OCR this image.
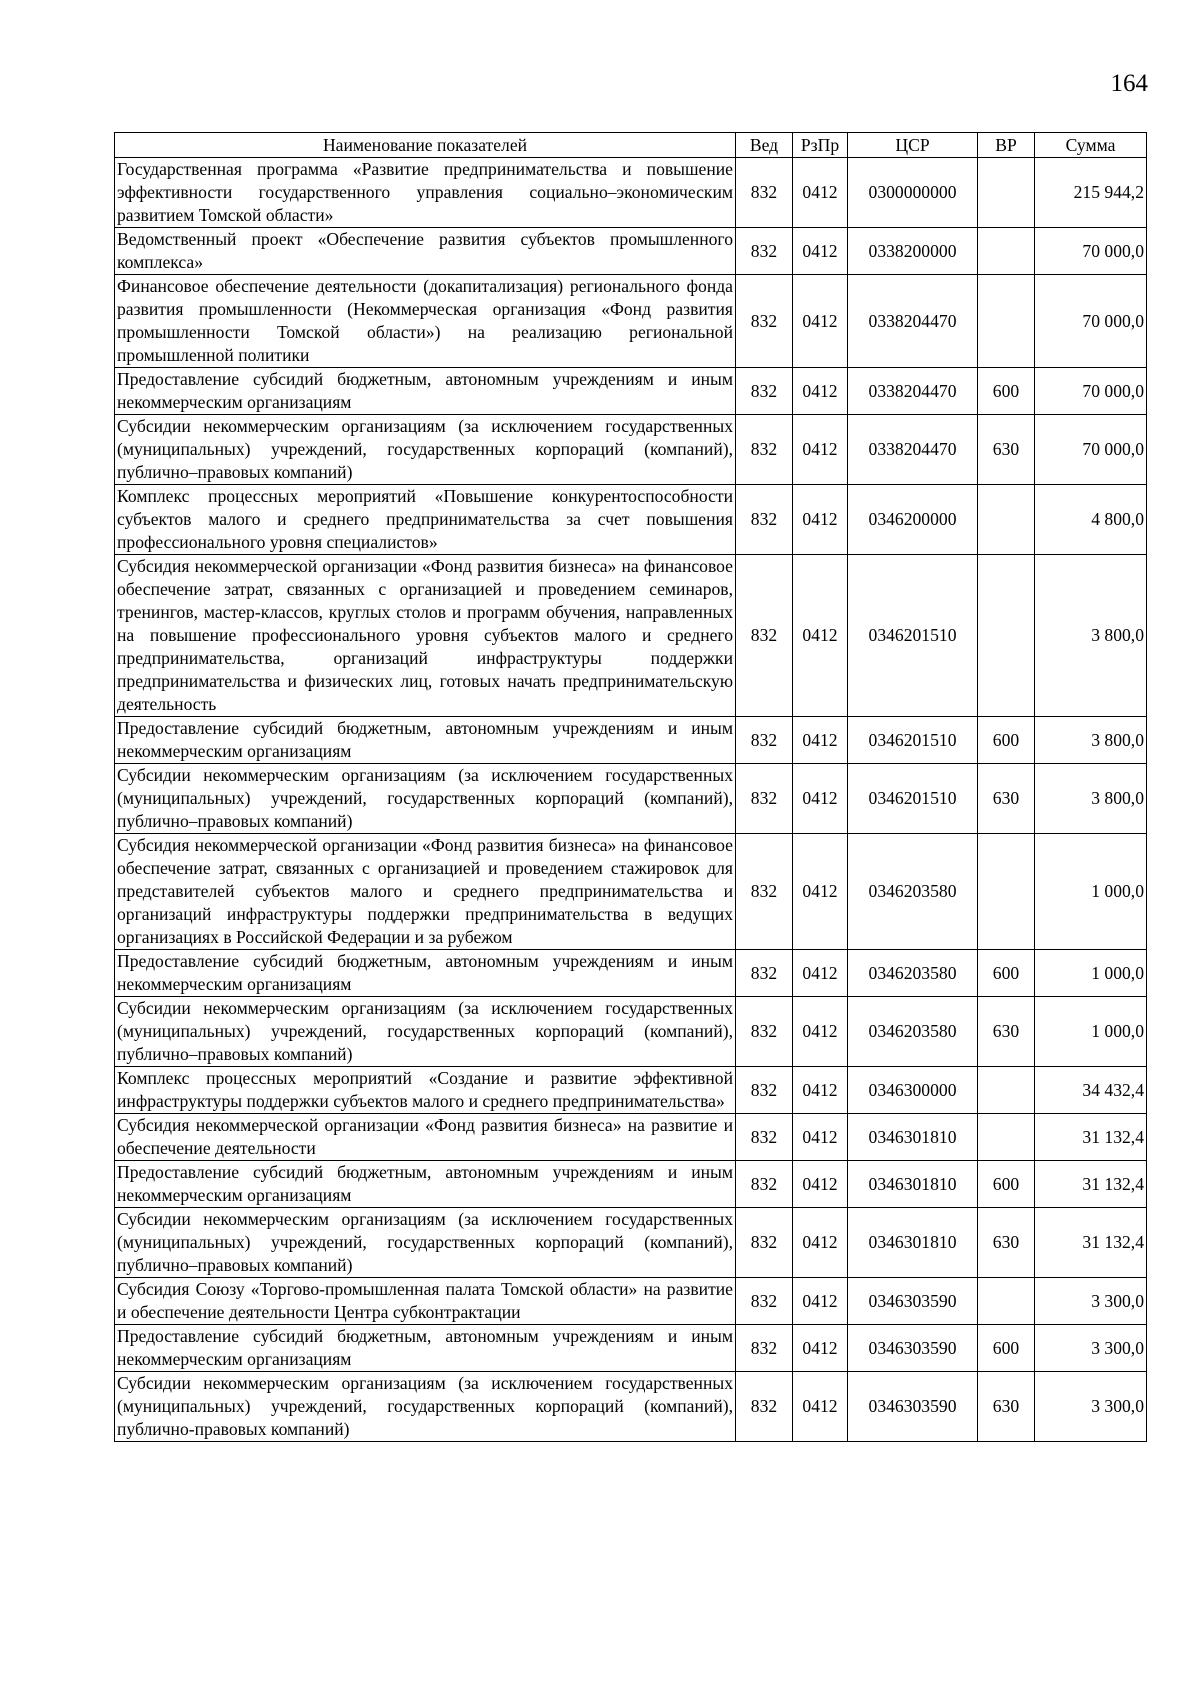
164
Наименование показателей	Вед	РзПр	ЦСР	ВР	Сумма
Государственная программа «Развитие предпринимательства и повышение эффективности государственного управления социально–экономическим развитием Томской области»	832	0412	0300000000		215 944,2
Ведомственный проект «Обеспечение развития субъектов промышленного комплекса»	832	0412	0338200000		70 000,0
Финансовое обеспечение деятельности (докапитализация) регионального фонда развития промышленности (Некоммерческая организация «Фонд развития промышленности Томской области») на реализацию региональной промышленной политики	832	0412	0338204470		70 000,0
Предоставление субсидий бюджетным, автономным учреждениям и иным некоммерческим организациям	832	0412	0338204470	600	70 000,0
Субсидии некоммерческим организациям (за исключением государственных (муниципальных) учреждений, государственных корпораций (компаний), публично–правовых компаний)	832	0412	0338204470	630	70 000,0
Комплекс процессных мероприятий «Повышение конкурентоспособности субъектов малого и среднего предпринимательства за счет повышения профессионального уровня специалистов»	832	0412	0346200000		4 800,0
Субсидия некоммерческой организации «Фонд развития бизнеса» на финансовое обеспечение затрат, связанных с организацией и проведением семинаров, тренингов, мастер-классов, круглых столов и программ обучения, направленных на повышение профессионального уровня субъектов малого и среднего предпринимательства, организаций инфраструктуры поддержки предпринимательства и физических лиц, готовых начать предпринимательскую деятельность	832	0412	0346201510		3 800,0
Предоставление субсидий бюджетным, автономным учреждениям и иным некоммерческим организациям	832	0412	0346201510	600	3 800,0
Субсидии некоммерческим организациям (за исключением государственных (муниципальных) учреждений, государственных корпораций (компаний), публично–правовых компаний)	832	0412	0346201510	630	3 800,0
Субсидия некоммерческой организации «Фонд развития бизнеса» на финансовое обеспечение затрат, связанных с организацией и проведением стажировок для представителей субъектов малого и среднего предпринимательства и организаций инфраструктуры поддержки предпринимательства в ведущих организациях в Российской Федерации и за рубежом	832	0412	0346203580		1 000,0
Предоставление субсидий бюджетным, автономным учреждениям и иным некоммерческим организациям	832	0412	0346203580	600	1 000,0
Субсидии некоммерческим организациям (за исключением государственных (муниципальных) учреждений, государственных корпораций (компаний), публично–правовых компаний)	832	0412	0346203580	630	1 000,0
Комплекс процессных мероприятий «Создание и развитие эффективной инфраструктуры поддержки субъектов малого и среднего предпринимательства»	832	0412	0346300000		34 432,4
Субсидия некоммерческой организации «Фонд развития бизнеса» на развитие и обеспечение деятельности	832	0412	0346301810		31 132,4
Предоставление субсидий бюджетным, автономным учреждениям и иным некоммерческим организациям	832	0412	0346301810	600	31 132,4
Субсидии некоммерческим организациям (за исключением государственных (муниципальных) учреждений, государственных корпораций (компаний), публично–правовых компаний)	832	0412	0346301810	630	31 132,4
Субсидия Союзу «Торгово-промышленная палата Томской области» на развитие и обеспечение деятельности Центра субконтрактации	832	0412	0346303590		3 300,0
Предоставление субсидий бюджетным, автономным учреждениям и иным некоммерческим организациям	832	0412	0346303590	600	3 300,0
Субсидии некоммерческим организациям (за исключением государственных (муниципальных) учреждений, государственных корпораций (компаний), публично-правовых компаний)	832	0412	0346303590	630	3 300,0
